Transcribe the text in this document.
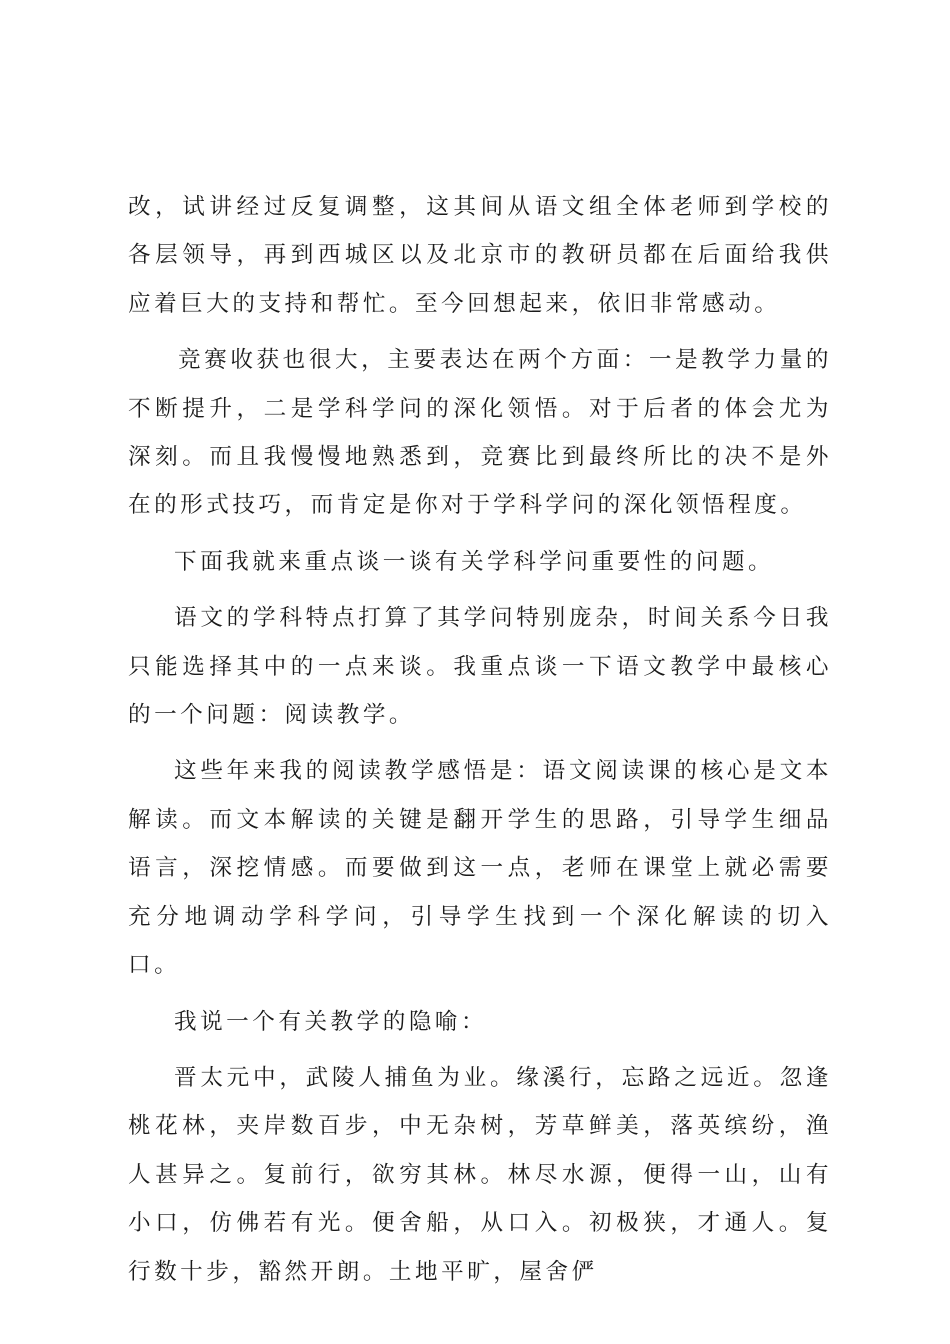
改，试讲经过反复调整，这其间从语文组全体老师到学校的各层领导，再到西城区以及北京市的教研员都在后面给我供应着巨大的支持和帮忙。至今回想起来，依旧非常感动。

竞赛收获也很大，主要表达在两个方面：一是教学力量的不断提升，二是学科学问的深化领悟。对于后者的体会尤为深刻。而且我慢慢地熟悉到，竞赛比到最终所比的决不是外在的形式技巧，而肯定是你对于学科学问的深化领悟程度。

下面我就来重点谈一谈有关学科学问重要性的问题。

语文的学科特点打算了其学问特别庞杂，时间关系今日我只能选择其中的一点来谈。我重点谈一下语文教学中最核心的一个问题：阅读教学。

这些年来我的阅读教学感悟是：语文阅读课的核心是文本解读。而文本解读的关键是翻开学生的思路，引导学生细品语言，深挖情感。而要做到这一点，老师在课堂上就必需要充分地调动学科学问，引导学生找到一个深化解读的切入口。

我说一个有关教学的隐喻：

晋太元中，武陵人捕鱼为业。缘溪行，忘路之远近。忽逢桃花林，夹岸数百步，中无杂树，芳草鲜美，落英缤纷，渔人甚异之。复前行，欲穷其林。林尽水源，便得一山，山有小口，仿佛若有光。便舍船，从口入。初极狭，才通人。复行数十步，豁然开朗。土地平旷，屋舍俨
